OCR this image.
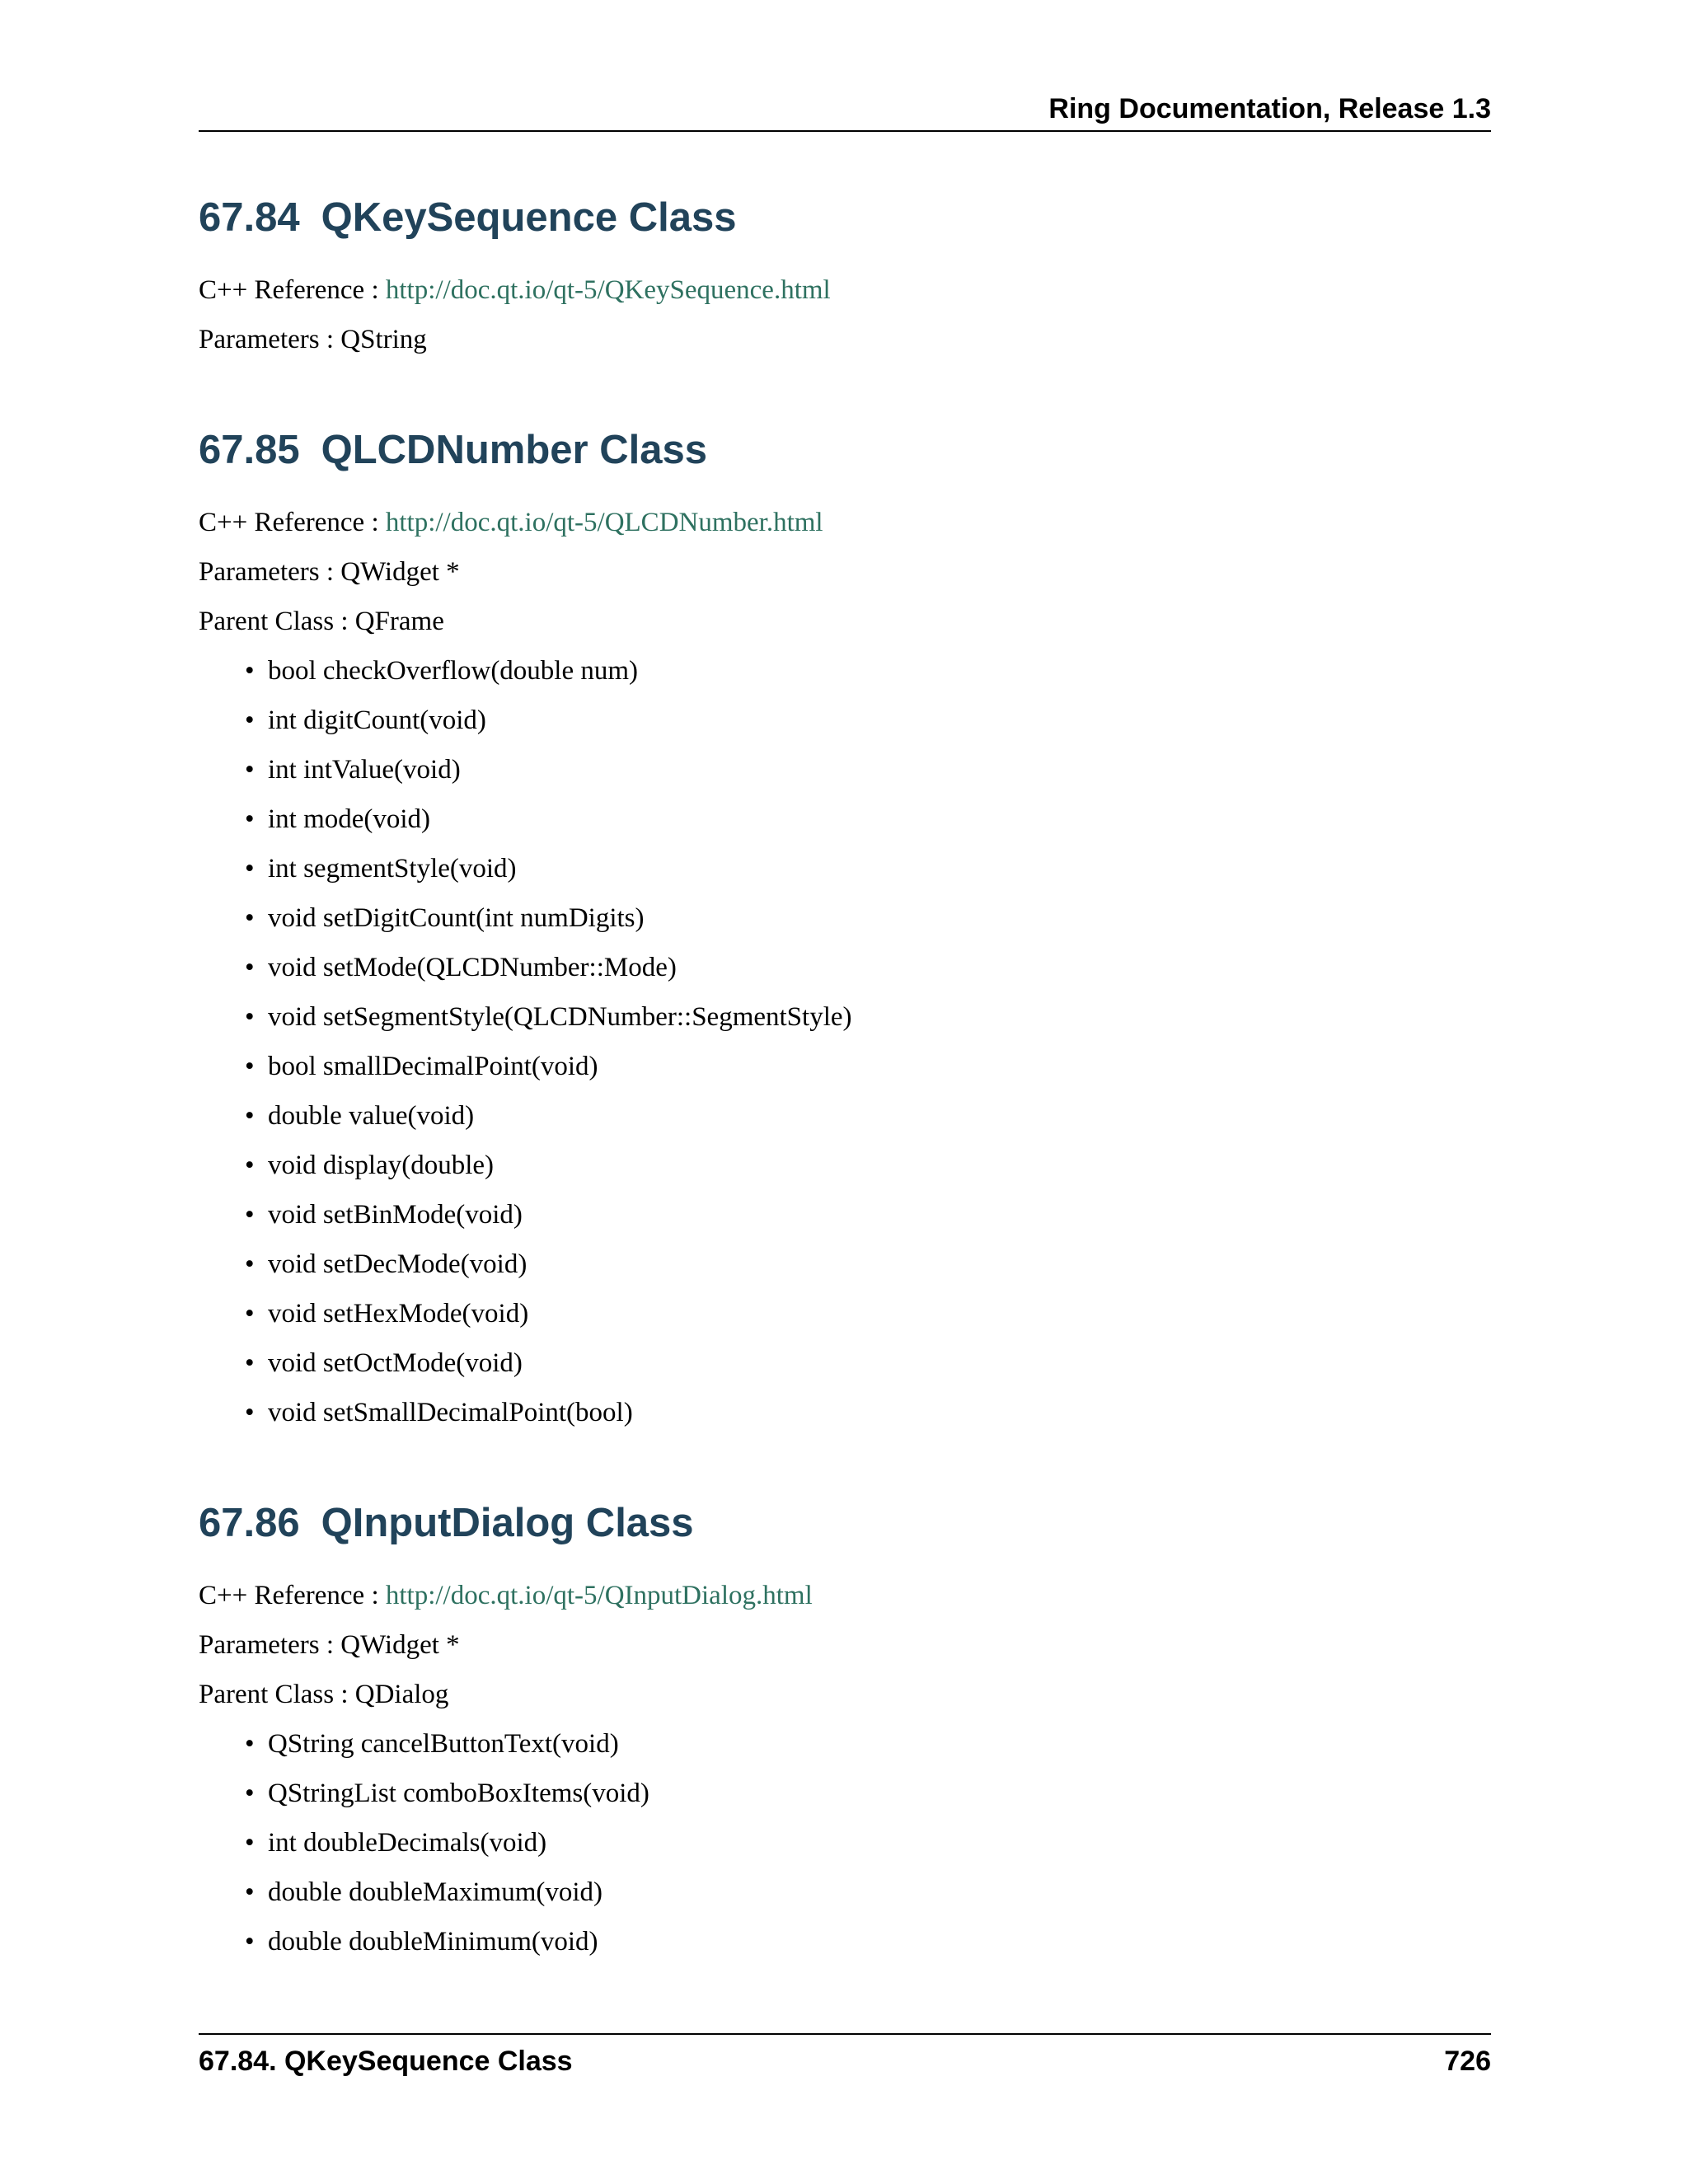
Ring Documentation, Release 1.3
67.84 QKeySequence Class
C++ Reference : http://doc.qt.io/qt-5/QKeySequence.html
Parameters : QString
67.85 QLCDNumber Class
C++ Reference : http://doc.qt.io/qt-5/QLCDNumber.html
Parameters : QWidget *
Parent Class : QFrame
• bool checkOverflow(double num)
• int digitCount(void)
• int intValue(void)
• int mode(void)
• int segmentStyle(void)
• void setDigitCount(int numDigits)
• void setMode(QLCDNumber::Mode)
• void setSegmentStyle(QLCDNumber::SegmentStyle)
• bool smallDecimalPoint(void)
• double value(void)
• void display(double)
• void setBinMode(void)
• void setDecMode(void)
• void setHexMode(void)
• void setOctMode(void)
• void setSmallDecimalPoint(bool)
67.86 QInputDialog Class
C++ Reference : http://doc.qt.io/qt-5/QInputDialog.html
Parameters : QWidget *
Parent Class : QDialog
• QString cancelButtonText(void)
• QStringList comboBoxItems(void)
• int doubleDecimals(void)
• double doubleMaximum(void)
• double doubleMinimum(void)
67.84. QKeySequence Class	726
